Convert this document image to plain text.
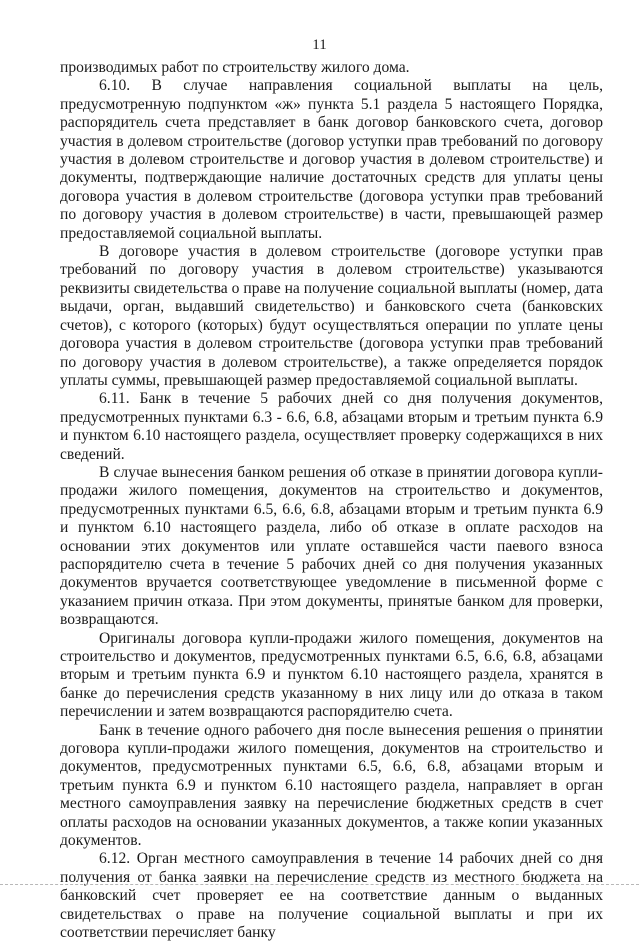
11

производимых работ по строительству жилого дома.

6.10. В случае направления социальной выплаты на цель, предусмотренную подпунктом «ж» пункта 5.1 раздела 5 настоящего Порядка, распорядитель счета представляет в банк договор банковского счета, договор участия в долевом строительстве (договор уступки прав требований по договору участия в долевом строительстве и договор участия в долевом строительстве) и документы, подтверждающие наличие достаточных средств для уплаты цены договора участия в долевом строительстве (договора уступки прав требований по договору участия в долевом строительстве) в части, превышающей размер предоставляемой социальной выплаты.

В договоре участия в долевом строительстве (договоре уступки прав требований по договору участия в долевом строительстве) указываются реквизиты свидетельства о праве на получение социальной выплаты (номер, дата выдачи, орган, выдавший свидетельство) и банковского счета (банковских счетов), с которого (которых) будут осуществляться операции по уплате цены договора участия в долевом строительстве (договора уступки прав требований по договору участия в долевом строительстве), а также определяется порядок уплаты суммы, превышающей размер предоставляемой социальной выплаты.

6.11. Банк в течение 5 рабочих дней со дня получения документов, предусмотренных пунктами 6.3 - 6.6, 6.8, абзацами вторым и третьим пункта 6.9 и пунктом 6.10 настоящего раздела, осуществляет проверку содержащихся в них сведений.

В случае вынесения банком решения об отказе в принятии договора купли-продажи жилого помещения, документов на строительство и документов, предусмотренных пунктами 6.5, 6.6, 6.8, абзацами вторым и третьим пункта 6.9 и пунктом 6.10 настоящего раздела, либо об отказе в оплате расходов на основании этих документов или уплате оставшейся части паевого взноса распорядителю счета в течение 5 рабочих дней со дня получения указанных документов вручается соответствующее уведомление в письменной форме с указанием причин отказа. При этом документы, принятые банком для проверки, возвращаются.

Оригиналы договора купли-продажи жилого помещения, документов на строительство и документов, предусмотренных пунктами 6.5, 6.6, 6.8, абзацами вторым и третьим пункта 6.9 и пунктом 6.10 настоящего раздела, хранятся в банке до перечисления средств указанному в них лицу или до отказа в таком перечислении и затем возвращаются распорядителю счета.

Банк в течение одного рабочего дня после вынесения решения о принятии договора купли-продажи жилого помещения, документов на строительство и документов, предусмотренных пунктами 6.5, 6.6, 6.8, абзацами вторым и третьим пункта 6.9 и пунктом 6.10 настоящего раздела, направляет в орган местного самоуправления заявку на перечисление бюджетных средств в счет оплаты расходов на основании указанных документов, а также копии указанных документов.

6.12. Орган местного самоуправления в течение 14 рабочих дней со дня получения от банка заявки на перечисление средств из местного бюджета на банковский счет проверяет ее на соответствие данным о выданных свидетельствах о праве на получение социальной выплаты и при их соответствии перечисляет банку
